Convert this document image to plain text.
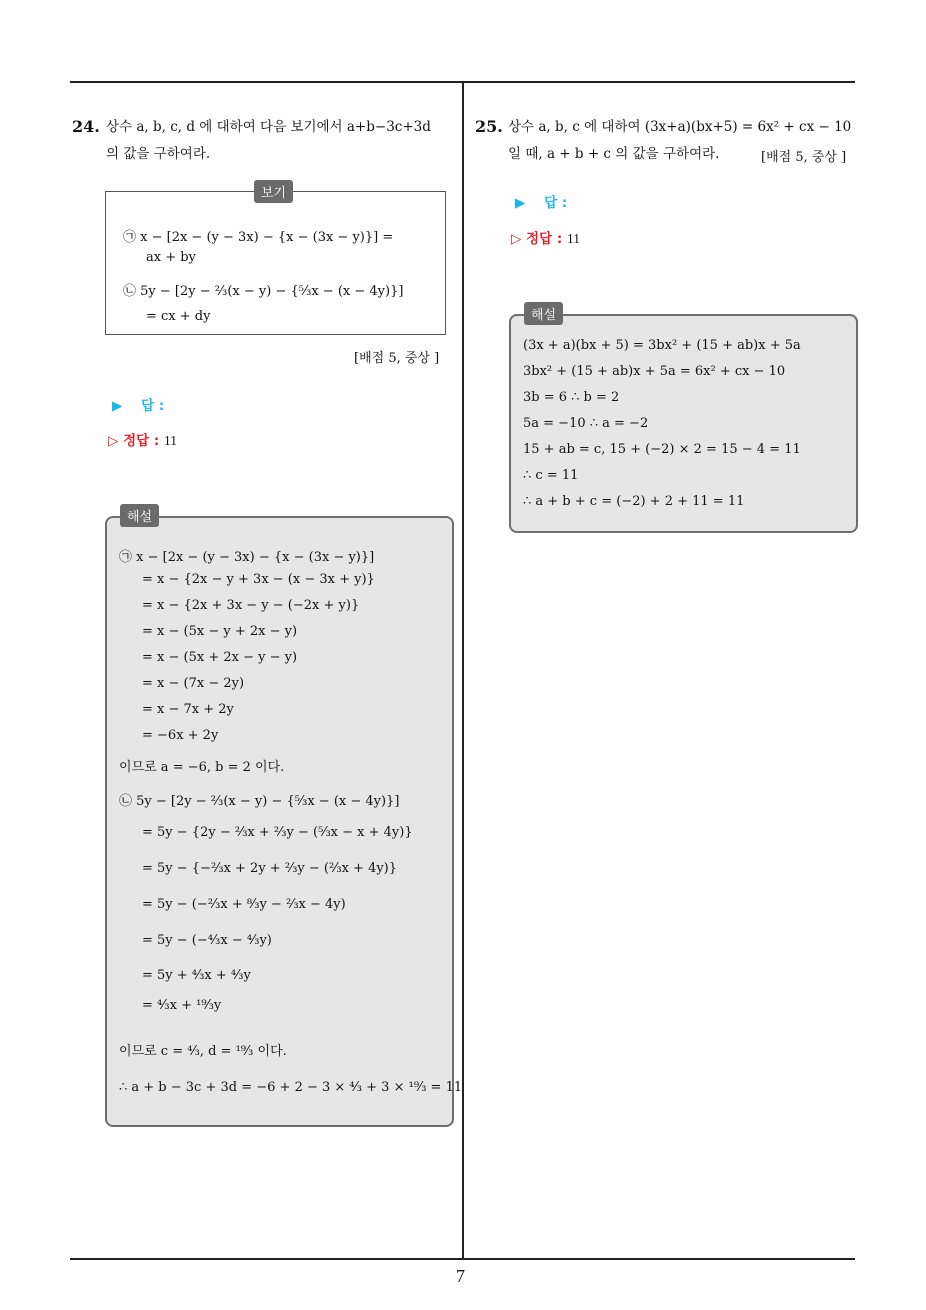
7
24. 상수 a, b, c, d 에 대하여 다음 보기에서 a+b−3c+3d
의 값을 구하여라.
㉠ x − [2x − (y − 3x) − {x − (3x − y)}] =
ax + by
㉡ 5y − [2y − ²⁄₃(x − y) − {⁵⁄₃x − (x − 4y)}]
= cx + dy
보기
[배점 5, 중상 ]
▶ 답 :
▷ 정답 : 11
㉠ x − [2x − (y − 3x) − {x − (3x − y)}]
= x − {2x − y + 3x − (x − 3x + y)}
= x − {2x + 3x − y − (−2x + y)}
= x − (5x − y + 2x − y)
= x − (5x + 2x − y − y)
= x − (7x − 2y)
= x − 7x + 2y
= −6x + 2y
이므로 a = −6, b = 2 이다.
㉡ 5y − [2y − ²⁄₃(x − y) − {⁵⁄₃x − (x − 4y)}]
= 5y − {2y − ²⁄₃x + ²⁄₃y − (⁵⁄₃x − x + 4y)}
= 5y − {−²⁄₃x + 2y + ²⁄₃y − (²⁄₃x + 4y)}
= 5y − (−²⁄₃x + ⁸⁄₃y − ²⁄₃x − 4y)
= 5y − (−⁴⁄₃x − ⁴⁄₃y)
= 5y + ⁴⁄₃x + ⁴⁄₃y
= ⁴⁄₃x + ¹⁹⁄₃y
이므로 c = ⁴⁄₃, d = ¹⁹⁄₃ 이다.
∴ a + b − 3c + 3d = −6 + 2 − 3 × ⁴⁄₃ + 3 × ¹⁹⁄₃ = 11
해설
25. 상수 a, b, c 에 대하여 (3x+a)(bx+5) = 6x² + cx − 10
일 때, a + b + c 의 값을 구하여라.	[배점 5, 중상 ]
▶ 답 :
▷ 정답 : 11
(3x + a)(bx + 5) = 3bx² + (15 + ab)x + 5a
3bx² + (15 + ab)x + 5a = 6x² + cx − 10
3b = 6 ∴ b = 2
5a = −10 ∴ a = −2
15 + ab = c, 15 + (−2) × 2 = 15 − 4 = 11
∴ c = 11
∴ a + b + c = (−2) + 2 + 11 = 11
해설
